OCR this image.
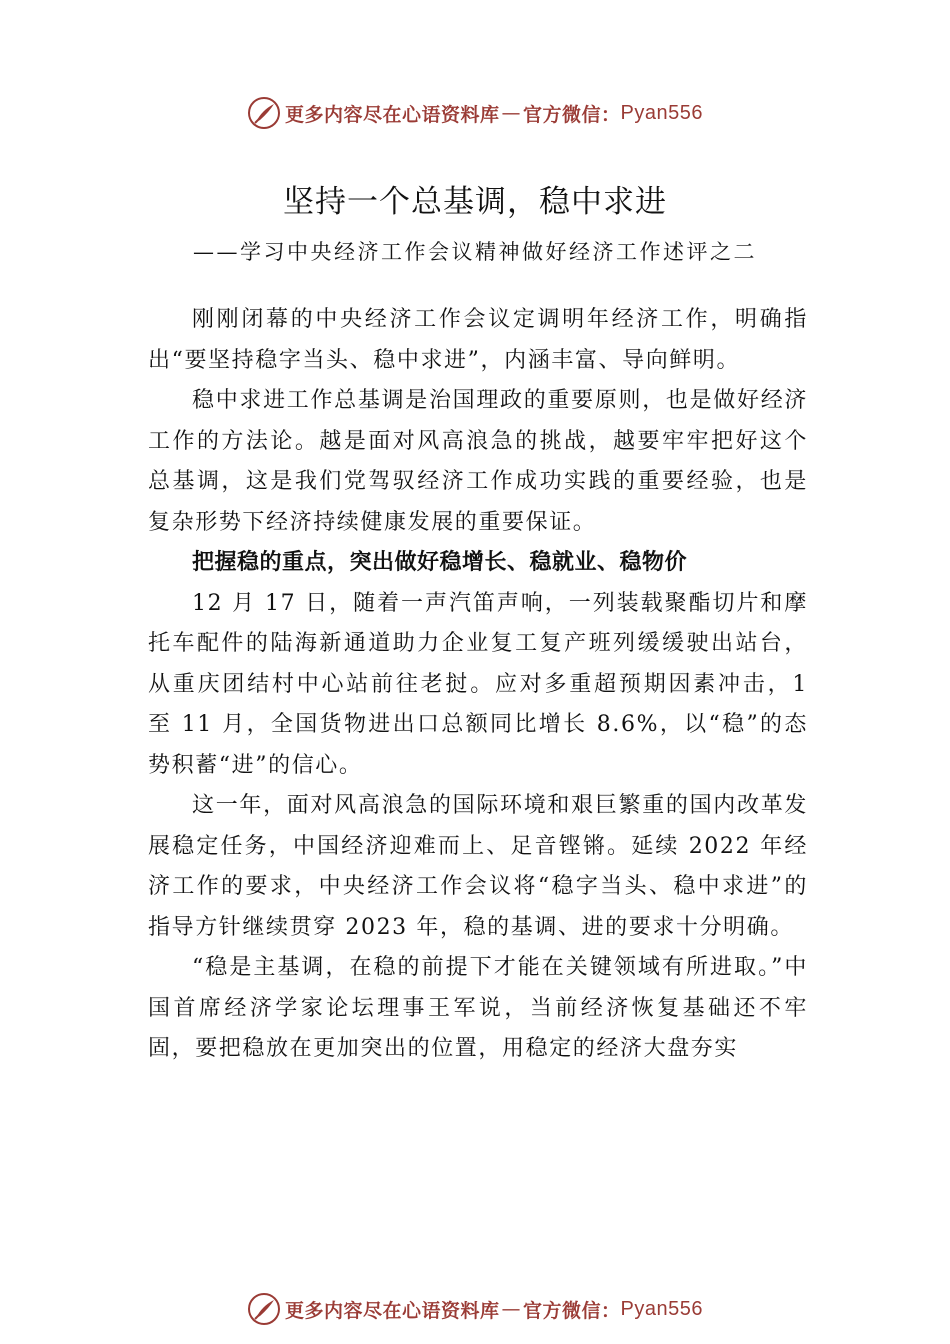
更多内容尽在心语资料库 — 官方微信： Pyan556
坚持一个总基调，稳中求进
——学习中央经济工作会议精神做好经济工作述评之二

刚刚闭幕的中央经济工作会议定调明年经济工作，明确指出“要坚持稳字当头、稳中求进”，内涵丰富、导向鲜明。

稳中求进工作总基调是治国理政的重要原则，也是做好经济工作的方法论。越是面对风高浪急的挑战，越要牢牢把好这个总基调，这是我们党驾驭经济工作成功实践的重要经验，也是复杂形势下经济持续健康发展的重要保证。

把握稳的重点，突出做好稳增长、稳就业、稳物价

12 月 17 日，随着一声汽笛声响，一列装载聚酯切片和摩托车配件的陆海新通道助力企业复工复产班列缓缓驶出站台，从重庆团结村中心站前往老挝。应对多重超预期因素冲击，1 至 11 月，全国货物进出口总额同比增长 8.6%，以“稳”的态势积蓄“进”的信心。

这一年，面对风高浪急的国际环境和艰巨繁重的国内改革发展稳定任务，中国经济迎难而上、足音铿锵。延续 2022 年经济工作的要求，中央经济工作会议将“稳字当头、稳中求进”的指导方针继续贯穿 2023 年，稳的基调、进的要求十分明确。

“稳是主基调，在稳的前提下才能在关键领域有所进取。”中国首席经济学家论坛理事王军说，当前经济恢复基础还不牢固，要把稳放在更加突出的位置，用稳定的经济大盘夯实

更多内容尽在心语资料库 — 官方微信： Pyan556
